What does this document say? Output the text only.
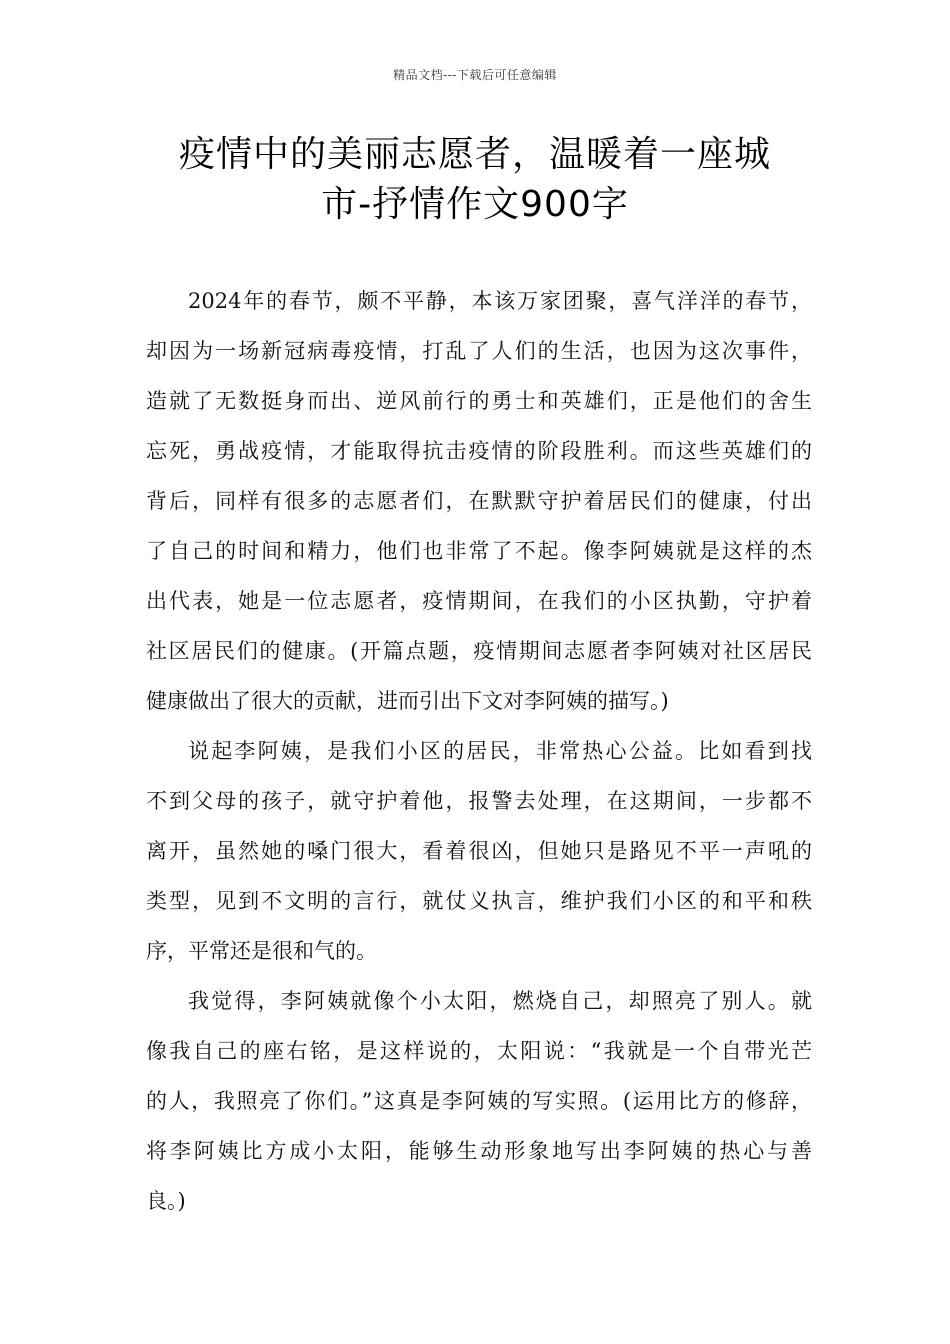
精品文档---下载后可任意编辑
疫情中的美丽志愿者，温暖着一座城
市-抒情作文900字

2024年的春节，颇不平静，本该万家团聚，喜气洋洋的春节，
却因为一场新冠病毒疫情，打乱了人们的生活，也因为这次事件，
造就了无数挺身而出、逆风前行的勇士和英雄们，正是他们的舍生
忘死，勇战疫情，才能取得抗击疫情的阶段胜利。而这些英雄们的
背后，同样有很多的志愿者们，在默默守护着居民们的健康，付出
了自己的时间和精力，他们也非常了不起。像李阿姨就是这样的杰
出代表，她是一位志愿者，疫情期间，在我们的小区执勤，守护着
社区居民们的健康。(开篇点题，疫情期间志愿者李阿姨对社区居民
健康做出了很大的贡献，进而引出下文对李阿姨的描写。)

说起李阿姨，是我们小区的居民，非常热心公益。比如看到找
不到父母的孩子，就守护着他，报警去处理，在这期间，一步都不
离开，虽然她的嗓门很大，看着很凶，但她只是路见不平一声吼的
类型，见到不文明的言行，就仗义执言，维护我们小区的和平和秩
序，平常还是很和气的。

我觉得，李阿姨就像个小太阳，燃烧自己，却照亮了别人。就
像我自己的座右铭，是这样说的，太阳说：“我就是一个自带光芒
的人，我照亮了你们。”这真是李阿姨的写实照。(运用比方的修辞，
将李阿姨比方成小太阳，能够生动形象地写出李阿姨的热心与善
良。)
